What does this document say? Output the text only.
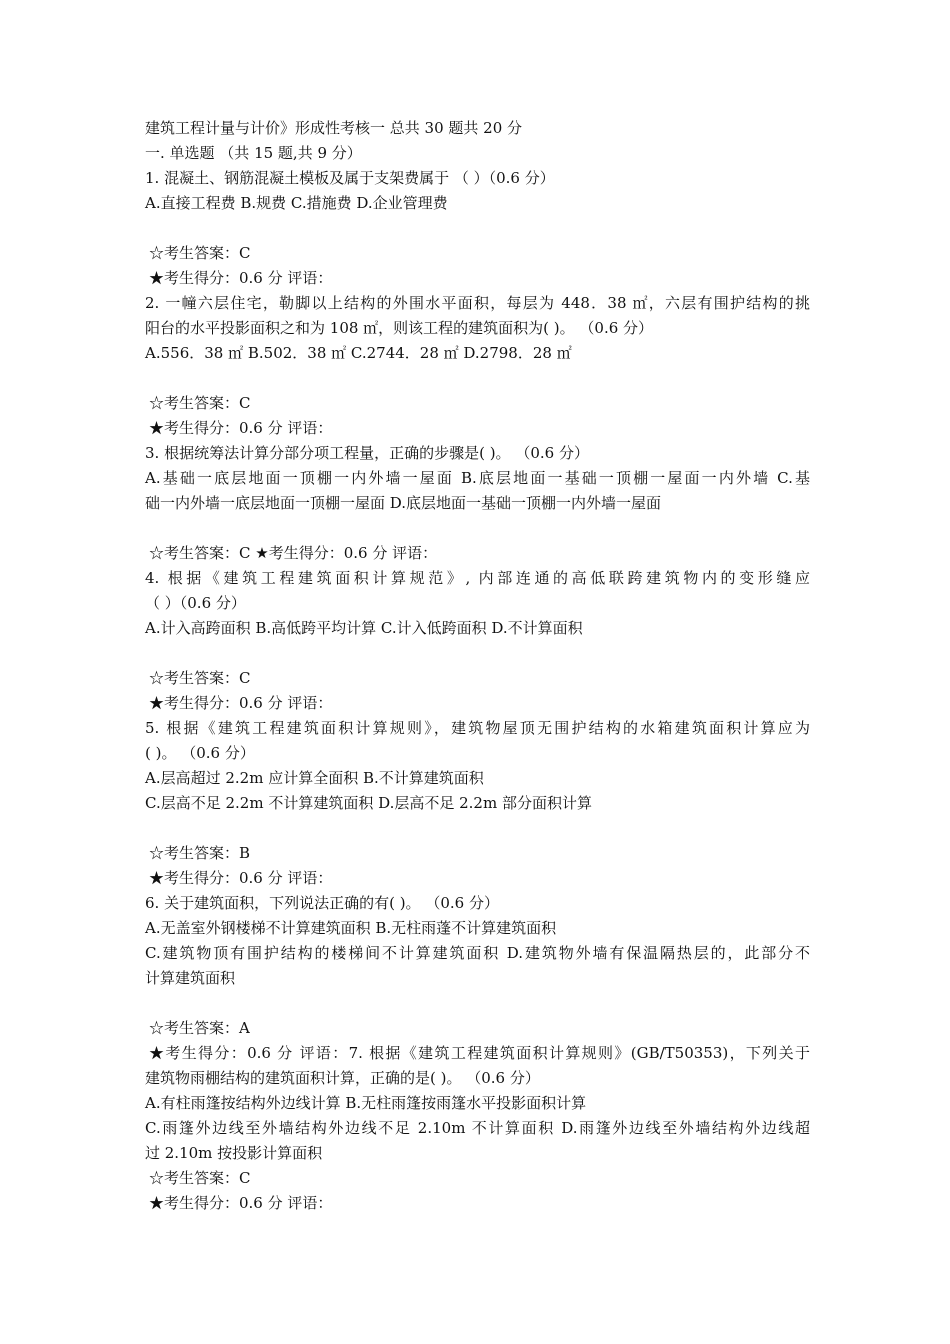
建筑工程计量与计价》形成性考核一 总共 30 题共 20 分
一. 单选题 （共 15 题,共 9 分）
1. 混凝土、钢筋混凝土模板及属于支架费属于 （ ）（0.6 分）
A.直接工程费 B.规费 C.措施费 D.企业管理费
☆考生答案：C
★考生得分：0.6 分 评语：
2. 一幢六层住宅，勒脚以上结构的外围水平面积，每层为 448．38 ㎡，六层有围护结构的挑
阳台的水平投影面积之和为 108 ㎡，则该工程的建筑面积为( )。 （0.6 分）
A.556．38 ㎡ B.502．38 ㎡ C.2744．28 ㎡ D.2798．28 ㎡
☆考生答案：C
★考生得分：0.6 分 评语：
3. 根据统筹法计算分部分项工程量，正确的步骤是( )。 （0.6 分）
A.基础一底层地面一顶棚一内外墙一屋面 B.底层地面一基础一顶棚一屋面一内外墙 C.基
础一内外墙一底层地面一顶棚一屋面 D.底层地面一基础一顶棚一内外墙一屋面
☆考生答案：C ★考生得分：0.6 分 评语：
4. 根据《建筑工程建筑面积计算规范》, 内部连通的高低联跨建筑物内的变形缝应
（ ）（0.6 分）
A.计入高跨面积 B.高低跨平均计算 C.计入低跨面积 D.不计算面积
☆考生答案：C
★考生得分：0.6 分 评语：
5. 根据《建筑工程建筑面积计算规则》，建筑物屋顶无围护结构的水箱建筑面积计算应为
( )。 （0.6 分）
A.层高超过 2.2m 应计算全面积 B.不计算建筑面积
C.层高不足 2.2m 不计算建筑面积 D.层高不足 2.2m 部分面积计算
☆考生答案：B
★考生得分：0.6 分 评语：
6. 关于建筑面积，下列说法正确的有( )。 （0.6 分）
A.无盖室外钢楼梯不计算建筑面积 B.无柱雨蓬不计算建筑面积
C.建筑物顶有围护结构的楼梯间不计算建筑面积 D.建筑物外墙有保温隔热层的，此部分不
计算建筑面积
☆考生答案：A
★考生得分：0.6 分 评语：7. 根据《建筑工程建筑面积计算规则》(GB/T50353)，下列关于
建筑物雨棚结构的建筑面积计算，正确的是( )。 （0.6 分）
A.有柱雨篷按结构外边线计算 B.无柱雨篷按雨篷水平投影面积计算
C.雨篷外边线至外墙结构外边线不足 2.10m 不计算面积 D.雨篷外边线至外墙结构外边线超
过 2.10m 按投影计算面积
☆考生答案：C
★考生得分：0.6 分 评语：
